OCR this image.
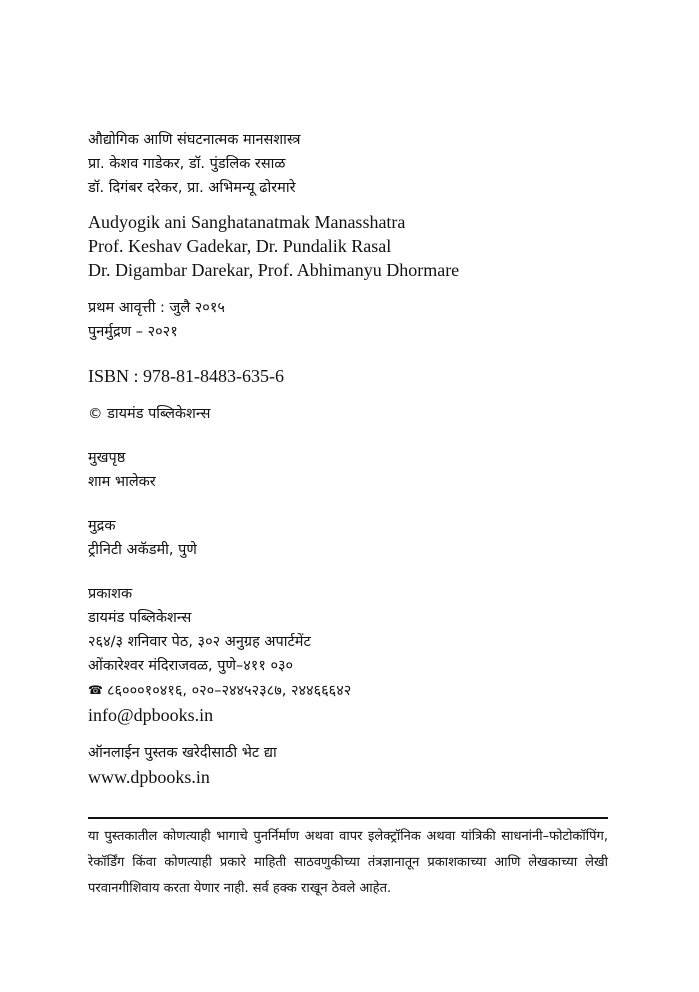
औद्योगिक आणि संघटनात्मक मानसशास्त्र
प्रा. केशव गाडेकर, डॉ. पुंडलिक रसाळ
डॉ. दिगंबर दरेकर, प्रा. अभिमन्यू ढोरमारे
Audyogik ani Sanghatanatmak Manasshatra
Prof. Keshav Gadekar, Dr. Pundalik Rasal
Dr. Digambar Darekar, Prof. Abhimanyu Dhormare
प्रथम आवृत्ती : जुलै २०१५
पुनर्मुद्रण – २०२१
ISBN : 978-81-8483-635-6
© डायमंड पब्लिकेशन्स
मुखपृष्ठ
शाम भालेकर
मुद्रक
ट्रीनिटी अकॅडमी, पुणे
प्रकाशक
डायमंड पब्लिकेशन्स
२६४/३ शनिवार पेठ, ३०२ अनुग्रह अपार्टमेंट
ओंकारेश्वर मंदिराजवळ, पुणे–४११ ०३०
☎ ८६०००१०४१६, ०२०–२४४५२३८७, २४४६६६४२
info@dpbooks.in
ऑनलाईन पुस्तक खरेदीसाठी भेट द्या
www.dpbooks.in
या पुस्तकातील कोणत्याही भागाचे पुनर्निर्माण अथवा वापर इलेक्ट्रॉनिक अथवा यांत्रिकी साधनांनी–फोटोकॉपिंग, रेकॉर्डिंग किंवा कोणत्याही प्रकारे माहिती साठवणुकीच्या तंत्रज्ञानातून प्रकाशकाच्या आणि लेखकाच्या लेखी परवानगीशिवाय करता येणार नाही. सर्व हक्क राखून ठेवले आहेत.
